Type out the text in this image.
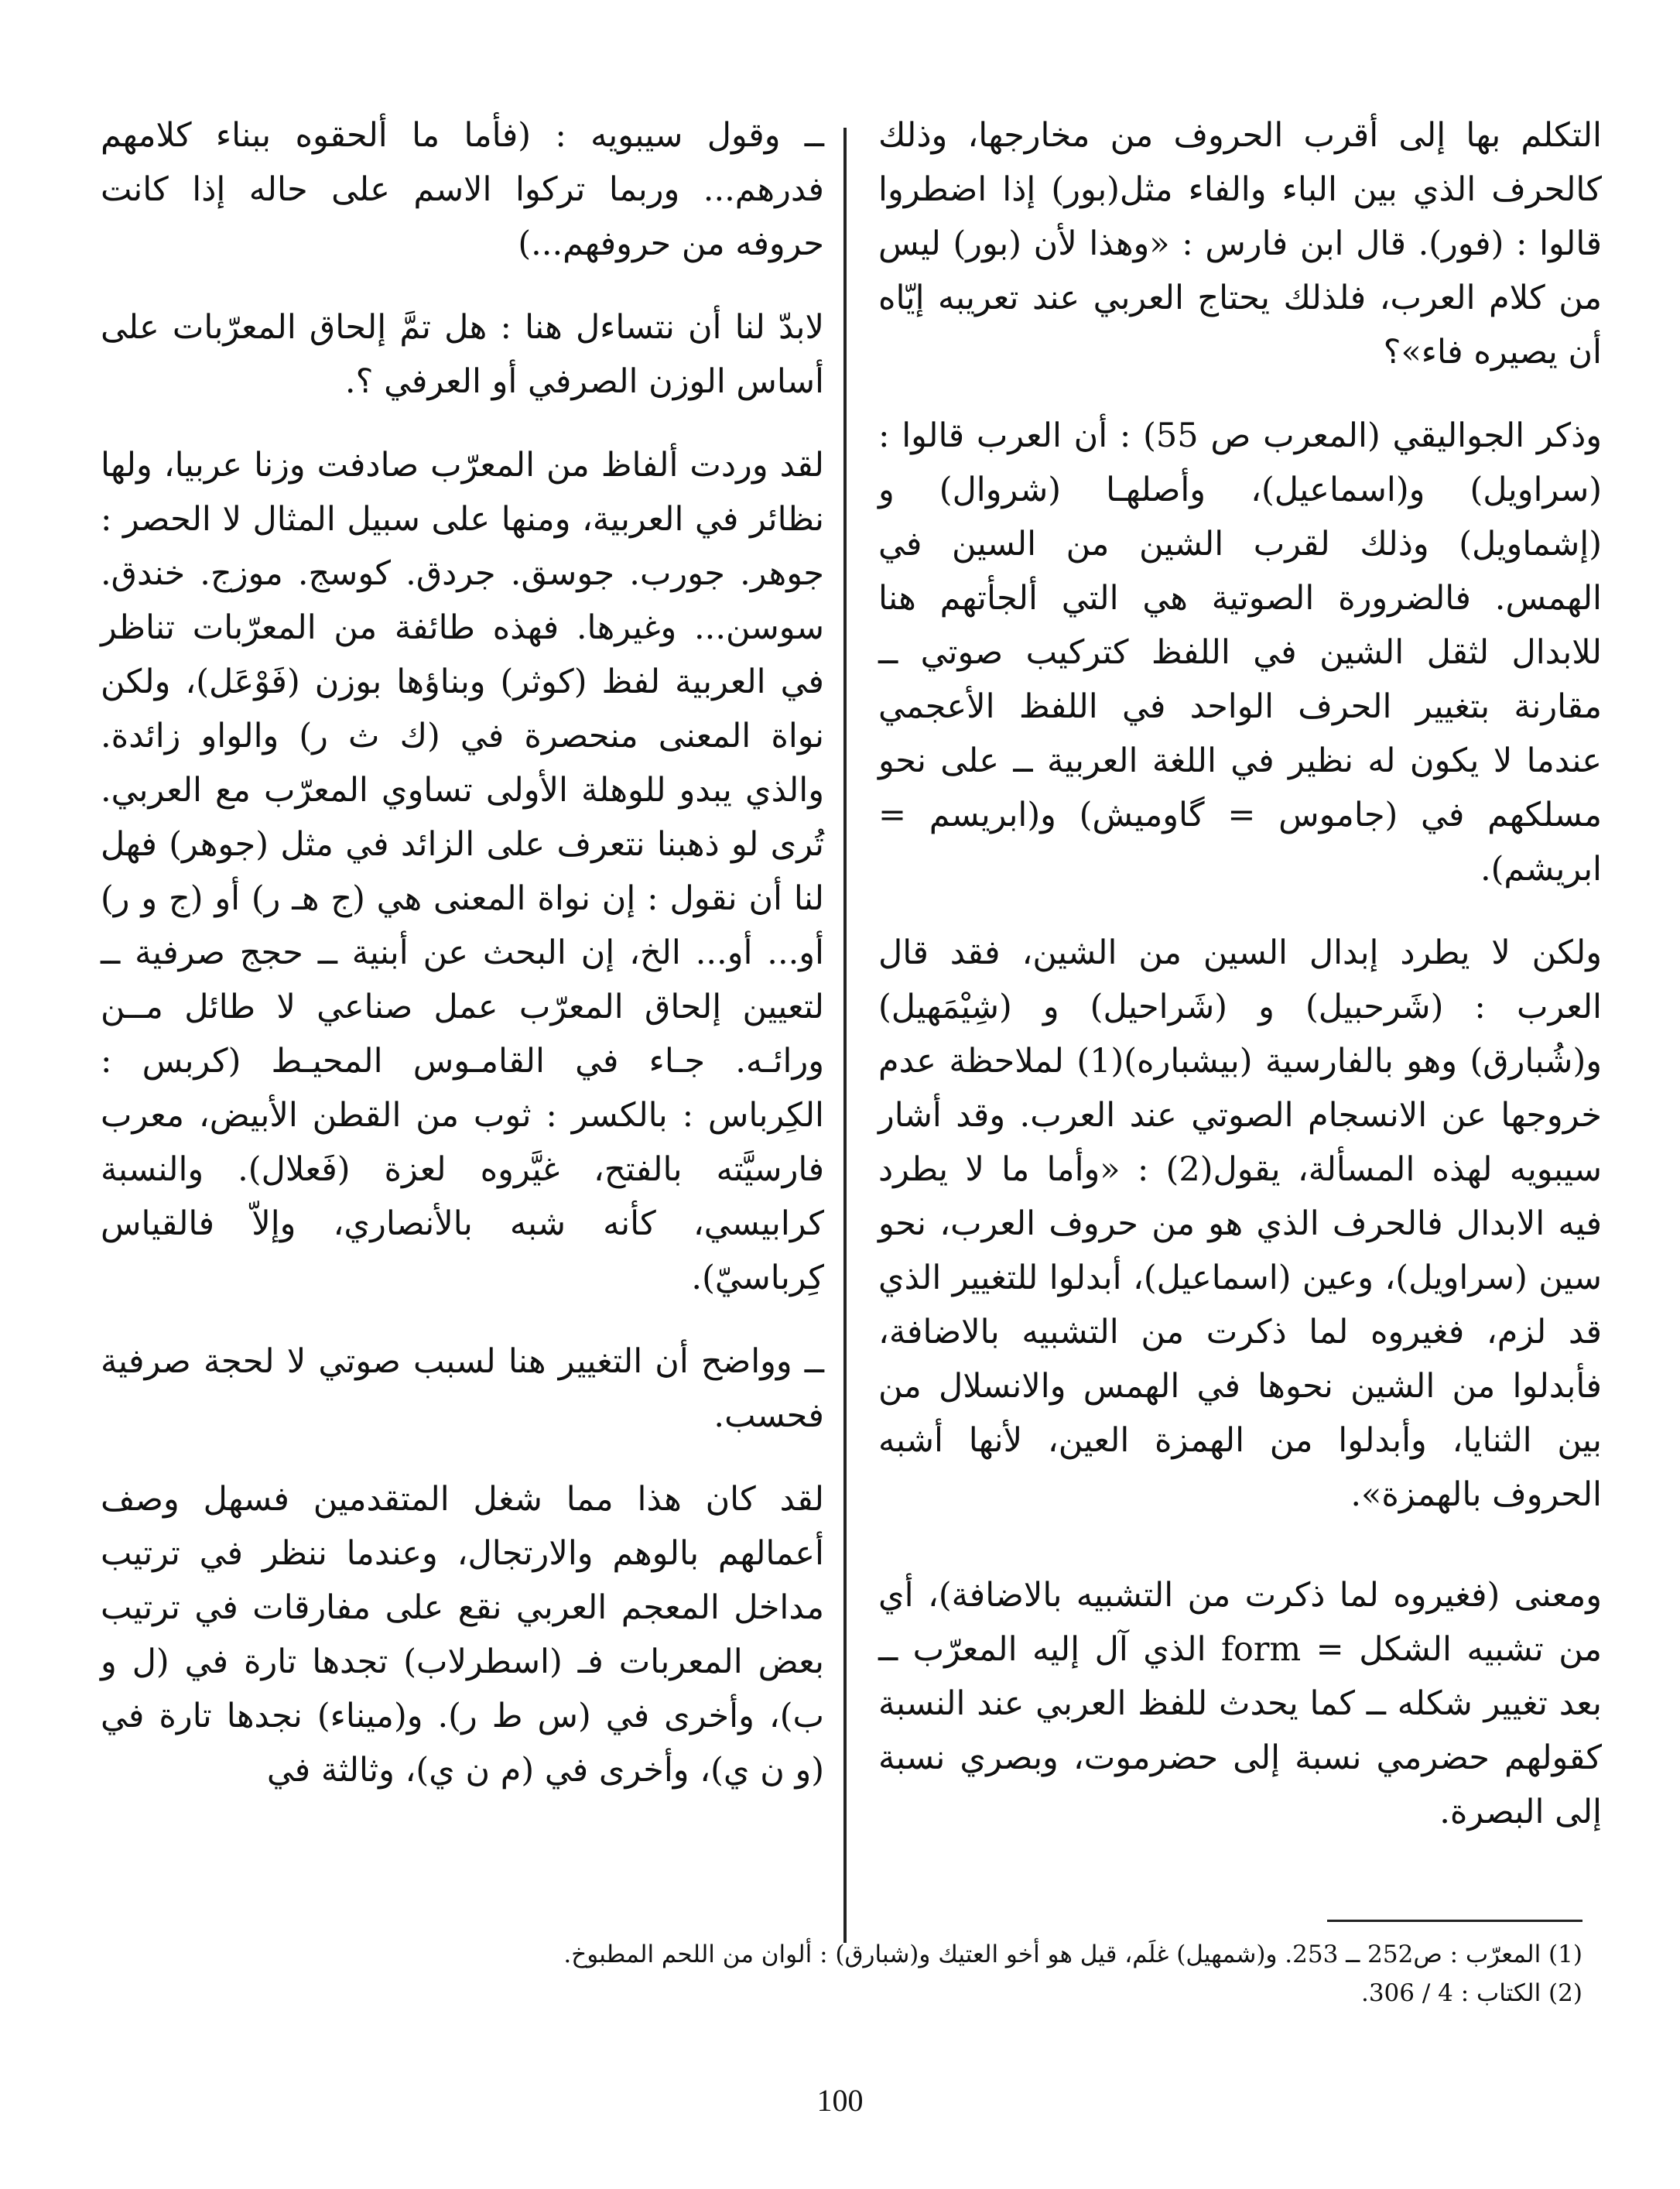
التكلم بها إلى أقرب الحروف من مخارجها، وذلك كالحرف الذي بين الباء والفاء مثل(بور) إذا اضطروا قالوا : (فور). قال ابن فارس : «وهذا لأن (بور) ليس من كلام العرب، فلذلك يحتاج العربي عند تعريبه إيّاه أن يصيره فاء»؟

وذكر الجواليقي (المعرب ص 55) : أن العرب قالوا : (سراويل) و(اسماعيل)، وأصلهـا (شروال) و (إشماويل) وذلك لقرب الشين من السين في الهمس. فالضرورة الصوتية هي التي ألجأتهم هنا للابدال لثقل الشين في اللفظ كتركيب صوتي ــ مقارنة بتغيير الحرف الواحد في اللفظ الأعجمي عندما لا يكون له نظير في اللغة العربية ــ على نحو مسلكهم في (جاموس = گاوميش) و(ابريسم = ابريشم).

ولكن لا يطرد إبدال السين من الشين، فقد قال العرب : (شَرحبيل) و (شَراحيل) و (شِيْمَهيل) و(شُبارق) وهو بالفارسية (بيشباره)(1) لملاحظة عدم خروجها عن الانسجام الصوتي عند العرب. وقد أشار سيبويه لهذه المسألة، يقول(2) : «وأما ما لا يطرد فيه الابدال فالحرف الذي هو من حروف العرب، نحو سين (سراويل)، وعين (اسماعيل)، أبدلوا للتغيير الذي قد لزم، فغيروه لما ذكرت من التشبيه بالاضافة، فأبدلوا من الشين نحوها في الهمس والانسلال من بين الثنايا، وأبدلوا من الهمزة العين، لأنها أشبه الحروف بالهمزة».

ومعنى (فغيروه لما ذكرت من التشبيه بالاضافة)، أي من تشبيه الشكل = form الذي آل إليه المعرّب ــ بعد تغيير شكله ــ كما يحدث للفظ العربي عند النسبة كقولهم حضرمي نسبة إلى حضرموت، وبصري نسبة إلى البصرة.

ــ وقول سيبويه : (فأما ما ألحقوه ببناء كلامهم فدرهم... وربما تركوا الاسم على حاله إذا كانت حروفه من حروفهم...)

لابدّ لنا أن نتساءل هنا : هل تمَّ إلحاق المعرّبات على أساس الوزن الصرفي أو العرفي ؟.

لقد وردت ألفاظ من المعرّب صادفت وزنا عربيا، ولها نظائر في العربية، ومنها على سبيل المثال لا الحصر : جوهر. جورب. جوسق. جردق. كوسج. موزج. خندق. سوسن... وغيرها. فهذه طائفة من المعرّبات تناظر في العربية لفظ (كوثر) وبناؤها بوزن (فَوْعَل)، ولكن نواة المعنى منحصرة في (ك ث ر) والواو زائدة. والذي يبدو للوهلة الأولى تساوي المعرّب مع العربي. تُرى لو ذهبنا نتعرف على الزائد في مثل (جوهر) فهل لنا أن نقول : إن نواة المعنى هي (ج هـ ر) أو (ج و ر) أو... أو... الخ، إن البحث عن أبنية ــ حجج صرفية ــ لتعيين إلحاق المعرّب عمل صناعي لا طائل مــن ورائـه. جـاء في القامـوس المحيـط (كربس : الكِرباس : بالكسر : ثوب من القطن الأبيض، معرب فارسيَّته بالفتح، غيَّروه لعزة (فَعلال). والنسبة كرابيسي، كأنه شبه بالأنصاري، وإلاّ فالقياس كِرباسيّ).

ــ وواضح أن التغيير هنا لسبب صوتي لا لحجة صرفية فحسب.

لقد كان هذا مما شغل المتقدمين فسهل وصف أعمالهم بالوهم والارتجال، وعندما ننظر في ترتيب مداخل المعجم العربي نقع على مفارقات في ترتيب بعض المعربات فـ (اسطرلاب) تجدها تارة في (ل و ب)، وأخرى في (س ط ر). و(ميناء) نجدها تارة في (و ن ي)، وأخرى في (م ن ي)، وثالثة في

(1) المعرّب : ص252 ــ 253. و(شمهيل) غلَم، قيل هو أخو العتيك و(شبارق) : ألوان من اللحم المطبوخ.
(2) الكتاب : 4 / 306.
100
